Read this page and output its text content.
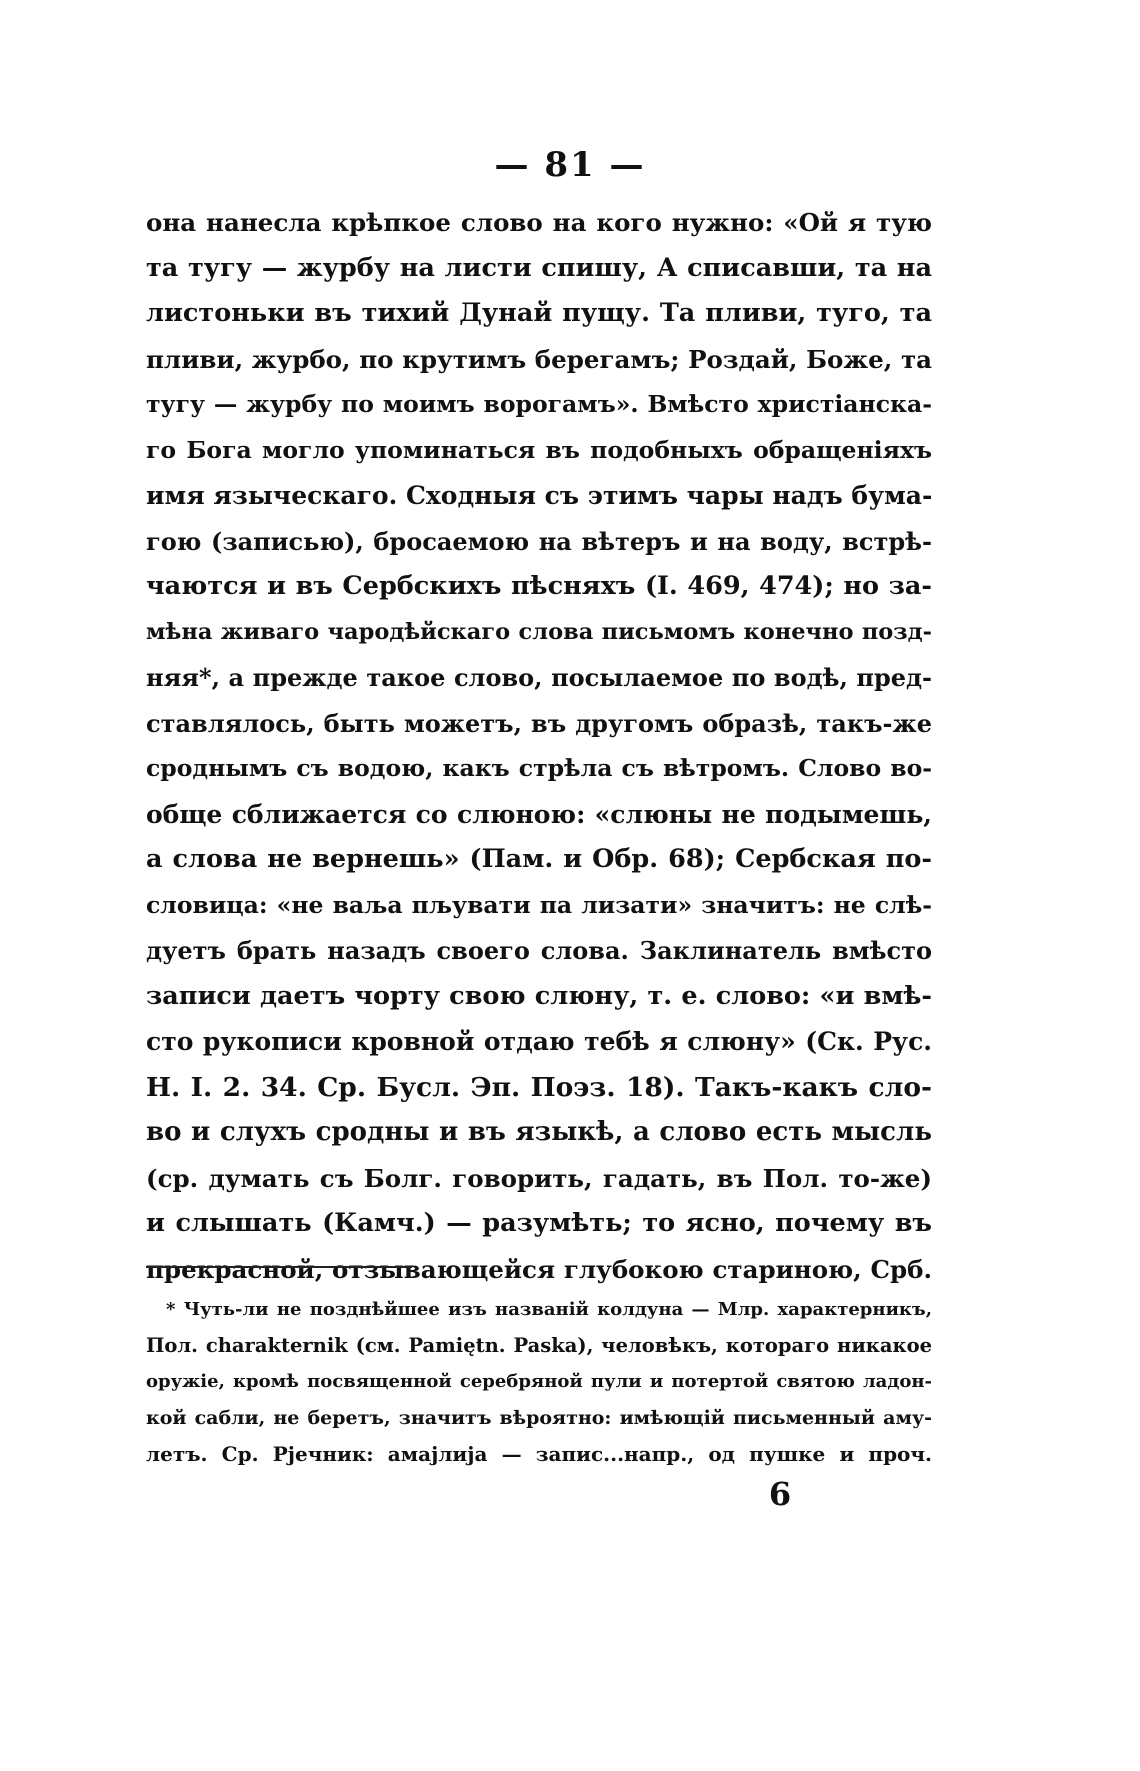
— 81 —
она нанесла крѣпкое слово на кого нужно: «Ой я тую
та тугу — журбу на листи спишу, А списавши, та на
листоньки въ тихий Дунай пущу. Та пливи, туго, та
пливи, журбо, по крутимъ берегамъ; Роздай, Боже, та
тугу — журбу по моимъ ворогамъ». Вмѣсто христіанска-
го Бога могло упоминаться въ подобныхъ обращеніяхъ
имя языческаго. Сходныя съ этимъ чары надъ бума-
гою (записью), бросаемою на вѣтеръ и на воду, встрѣ-
чаются и въ Сербскихъ пѣсняхъ (I. 469, 474); но за-
мѣна живаго чародѣйскаго слова письмомъ конечно позд-
няя*, а прежде такое слово, посылаемое по водѣ, пред-
ставлялось, быть можетъ, въ другомъ образѣ, такъ-же
сроднымъ съ водою, какъ стрѣла съ вѣтромъ. Слово во-
обще сближается со слюною: «слюны не подымешь,
а слова не вернешь» (Пам. и Обр. 68); Сербская по-
словица: «не ваља пљувати па лизати» значитъ: не слѣ-
дуетъ брать назадъ своего слова. Заклинатель вмѣсто
записи даетъ чорту свою слюну, т. е. слово: «и вмѣ-
сто рукописи кровной отдаю тебѣ я слюну» (Ск. Рус.
Н. I. 2. 34. Ср. Бусл. Эп. Поэз. 18). Такъ-какъ сло-
во и слухъ сродны и въ языкѣ, а слово есть мысль
(ср. думать съ Болг. говорить, гадать, въ Пол. то-же)
и слышать (Камч.) — разумѣть; то ясно, почему въ
прекрасной, отзывающейся глубокою стариною, Срб.
* Чуть-ли не позднѣйшее изъ названій колдуна — Млр. характерникъ,
Пол. charakternik (см. Pamiętn. Paska), человѣкъ, котораго никакое
оружіе, кромѣ посвященной серебряной пули и потертой святою ладон-
кой сабли, не беретъ, значитъ вѣроятно: имѣющій письменный аму-
летъ. Ср. Рјечник: амајлија — запис...напр., од пушке и проч.
6
